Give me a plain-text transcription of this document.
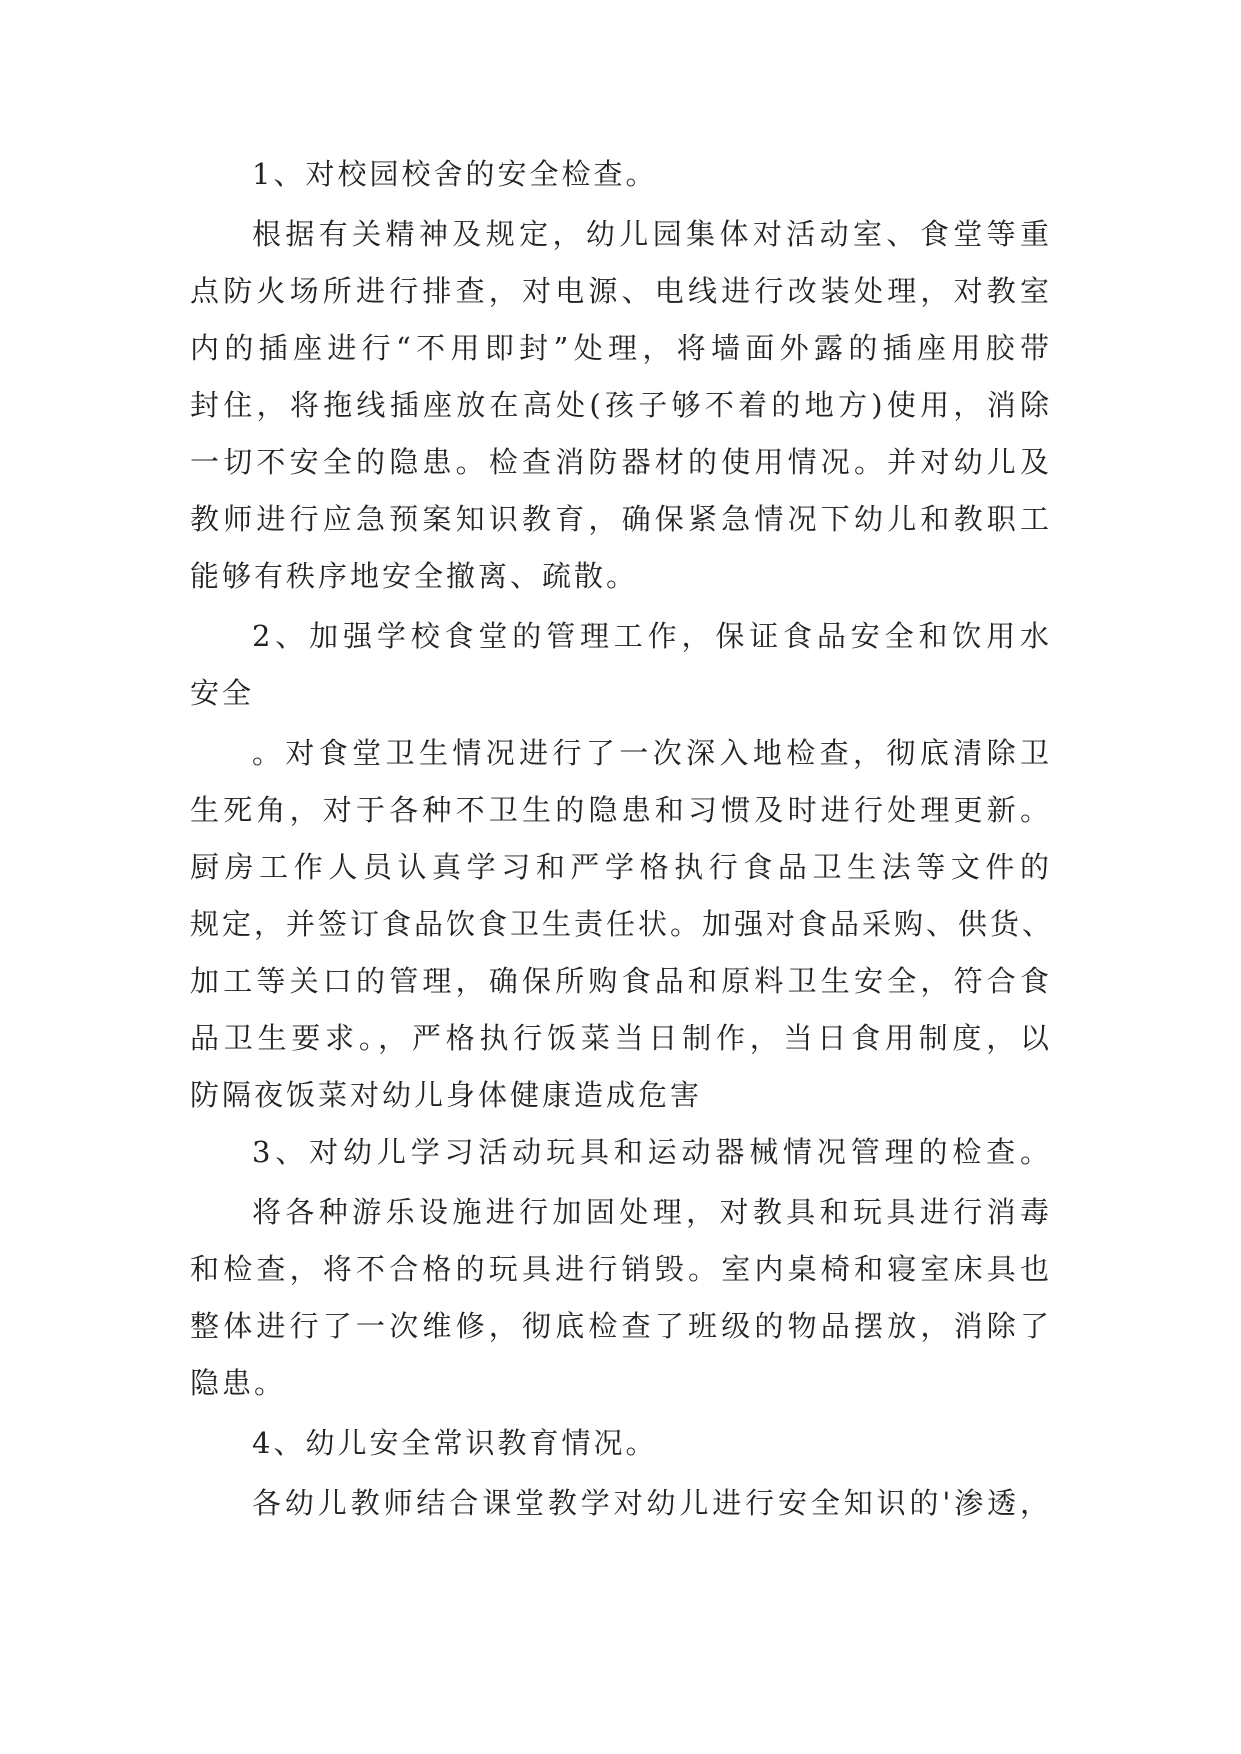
1、对校园校舍的安全检查。
根据有关精神及规定，幼儿园集体对活动室、食堂等重
点防火场所进行排查，对电源、电线进行改装处理，对教室
内的插座进行“不用即封”处理，将墙面外露的插座用胶带
封住，将拖线插座放在高处(孩子够不着的地方)使用，消除
一切不安全的隐患。检查消防器材的使用情况。并对幼儿及
教师进行应急预案知识教育，确保紧急情况下幼儿和教职工
能够有秩序地安全撤离、疏散。
2、加强学校食堂的管理工作，保证食品安全和饮用水
安全
。对食堂卫生情况进行了一次深入地检查，彻底清除卫
生死角，对于各种不卫生的隐患和习惯及时进行处理更新。
厨房工作人员认真学习和严学格执行食品卫生法等文件的
规定，并签订食品饮食卫生责任状。加强对食品采购、供货、
加工等关口的管理，确保所购食品和原料卫生安全，符合食
品卫生要求。，严格执行饭菜当日制作，当日食用制度，以
防隔夜饭菜对幼儿身体健康造成危害
3、对幼儿学习活动玩具和运动器械情况管理的检查。
将各种游乐设施进行加固处理，对教具和玩具进行消毒
和检查，将不合格的玩具进行销毁。室内桌椅和寝室床具也
整体进行了一次维修，彻底检查了班级的物品摆放，消除了
隐患。
4、幼儿安全常识教育情况。
各幼儿教师结合课堂教学对幼儿进行安全知识的'渗透，
